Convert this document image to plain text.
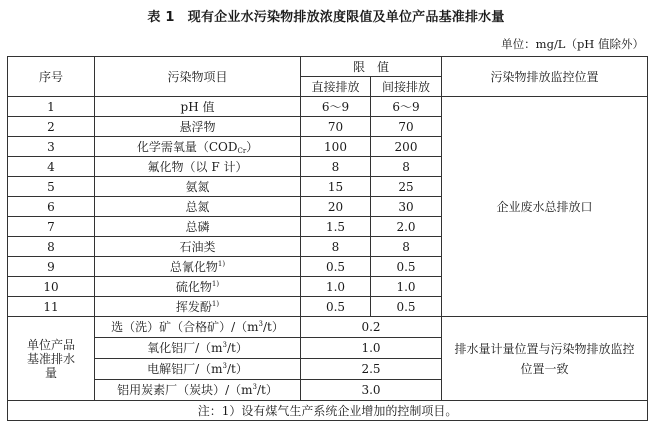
表 1　现有企业水污染物排放浓度限值及单位产品基准排水量
单位：mg/L（pH 值除外）
序号	污染物项目	限　值		污染物排放监控位置
		直接排放	间接排放	
1	pH 值	6～9	6～9	企业废水总排放口
2	悬浮物	70	70	
3	化学需氧量$(COD_{Cr})$	100	200	
4	氟化物（以 F 计）	8	8	
5	氨氮	15	25	
6	总氮	20	30	
7	总磷	1.5	2.0	
8	石油类	8	8	
9	总氰化物$^{1)}$	0.5	0.5	
10	硫化物$^{1)}$	1.0	1.0	
11	挥发酚$^{1)}$	0.5	0.5	
单位产品基准排水量	选（洗）矿（合格矿）$/(m^3/t)$	0.2		排水量计量位置与污染物排放监控位置一致
	氧化铝厂$/(m^3/t)$	1.0		
	电解铝厂$/(m^3/t)$	2.5		
	铝用炭素厂（炭块）$/(m^3/t)$	3.0		
注：1）设有煤气生产系统企业增加的控制项目。				
